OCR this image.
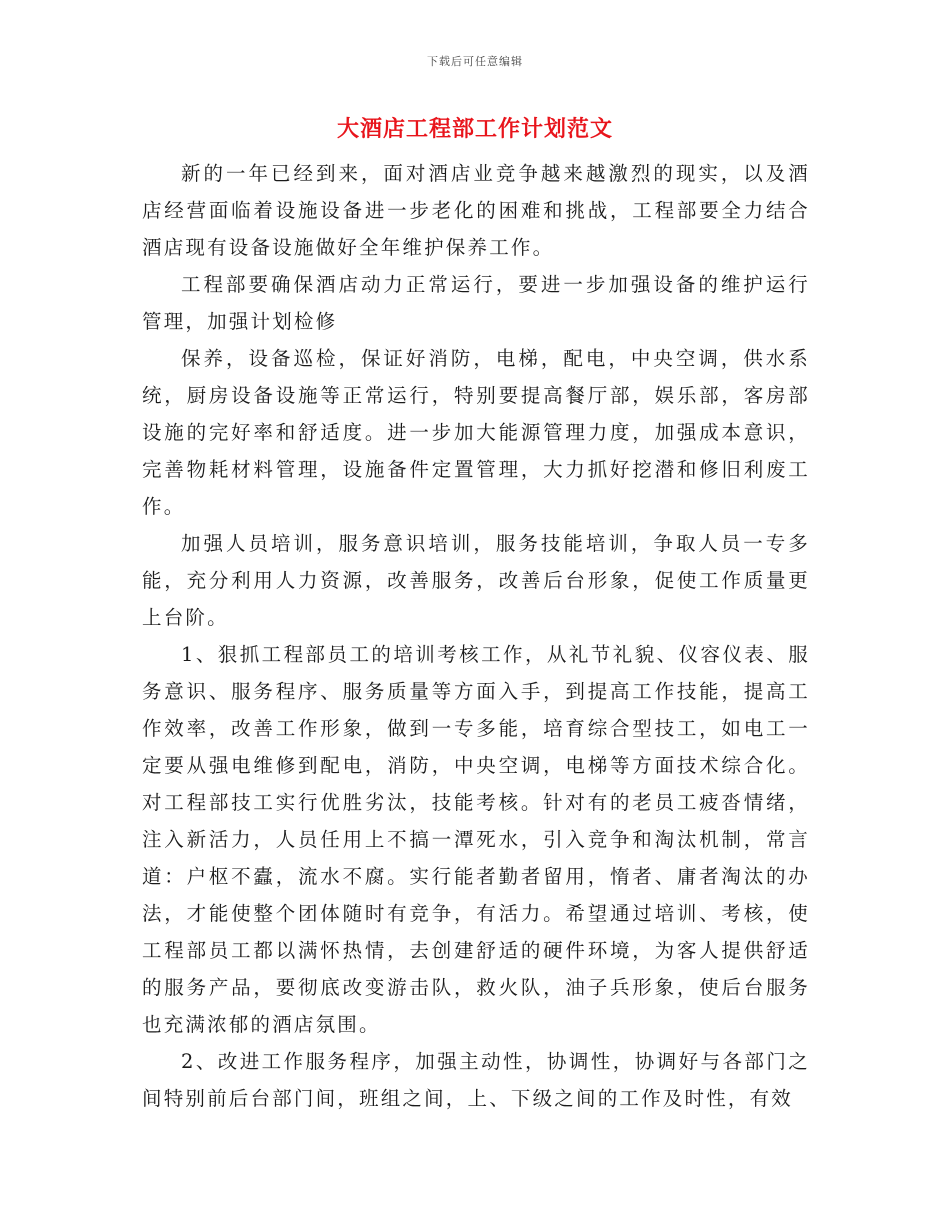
下载后可任意编辑
大酒店工程部工作计划范文

新的一年已经到来，面对酒店业竞争越来越激烈的现实，以及酒店经营面临着设施设备进一步老化的困难和挑战，工程部要全力结合酒店现有设备设施做好全年维护保养工作。

工程部要确保酒店动力正常运行，要进一步加强设备的维护运行管理，加强计划检修

保养，设备巡检，保证好消防，电梯，配电，中央空调，供水系统，厨房设备设施等正常运行，特别要提高餐厅部，娱乐部，客房部设施的完好率和舒适度。进一步加大能源管理力度，加强成本意识，完善物耗材料管理，设施备件定置管理，大力抓好挖潜和修旧利废工作。

加强人员培训，服务意识培训，服务技能培训，争取人员一专多能，充分利用人力资源，改善服务，改善后台形象，促使工作质量更上台阶。

1、狠抓工程部员工的培训考核工作，从礼节礼貌、仪容仪表、服务意识、服务程序、服务质量等方面入手，到提高工作技能，提高工作效率，改善工作形象，做到一专多能，培育综合型技工，如电工一定要从强电维修到配电，消防，中央空调，电梯等方面技术综合化。对工程部技工实行优胜劣汰，技能考核。针对有的老员工疲沓情绪，注入新活力，人员任用上不搞一潭死水，引入竞争和淘汰机制，常言道：户枢不蠹，流水不腐。实行能者勤者留用，惰者、庸者淘汰的办法，才能使整个团体随时有竞争，有活力。希望通过培训、考核，使工程部员工都以满怀热情，去创建舒适的硬件环境，为客人提供舒适的服务产品，要彻底改变游击队，救火队，油子兵形象，使后台服务也充满浓郁的酒店氛围。

2、改进工作服务程序，加强主动性，协调性，协调好与各部门之间特别前后台部门间，班组之间，上、下级之间的工作及时性，有效
